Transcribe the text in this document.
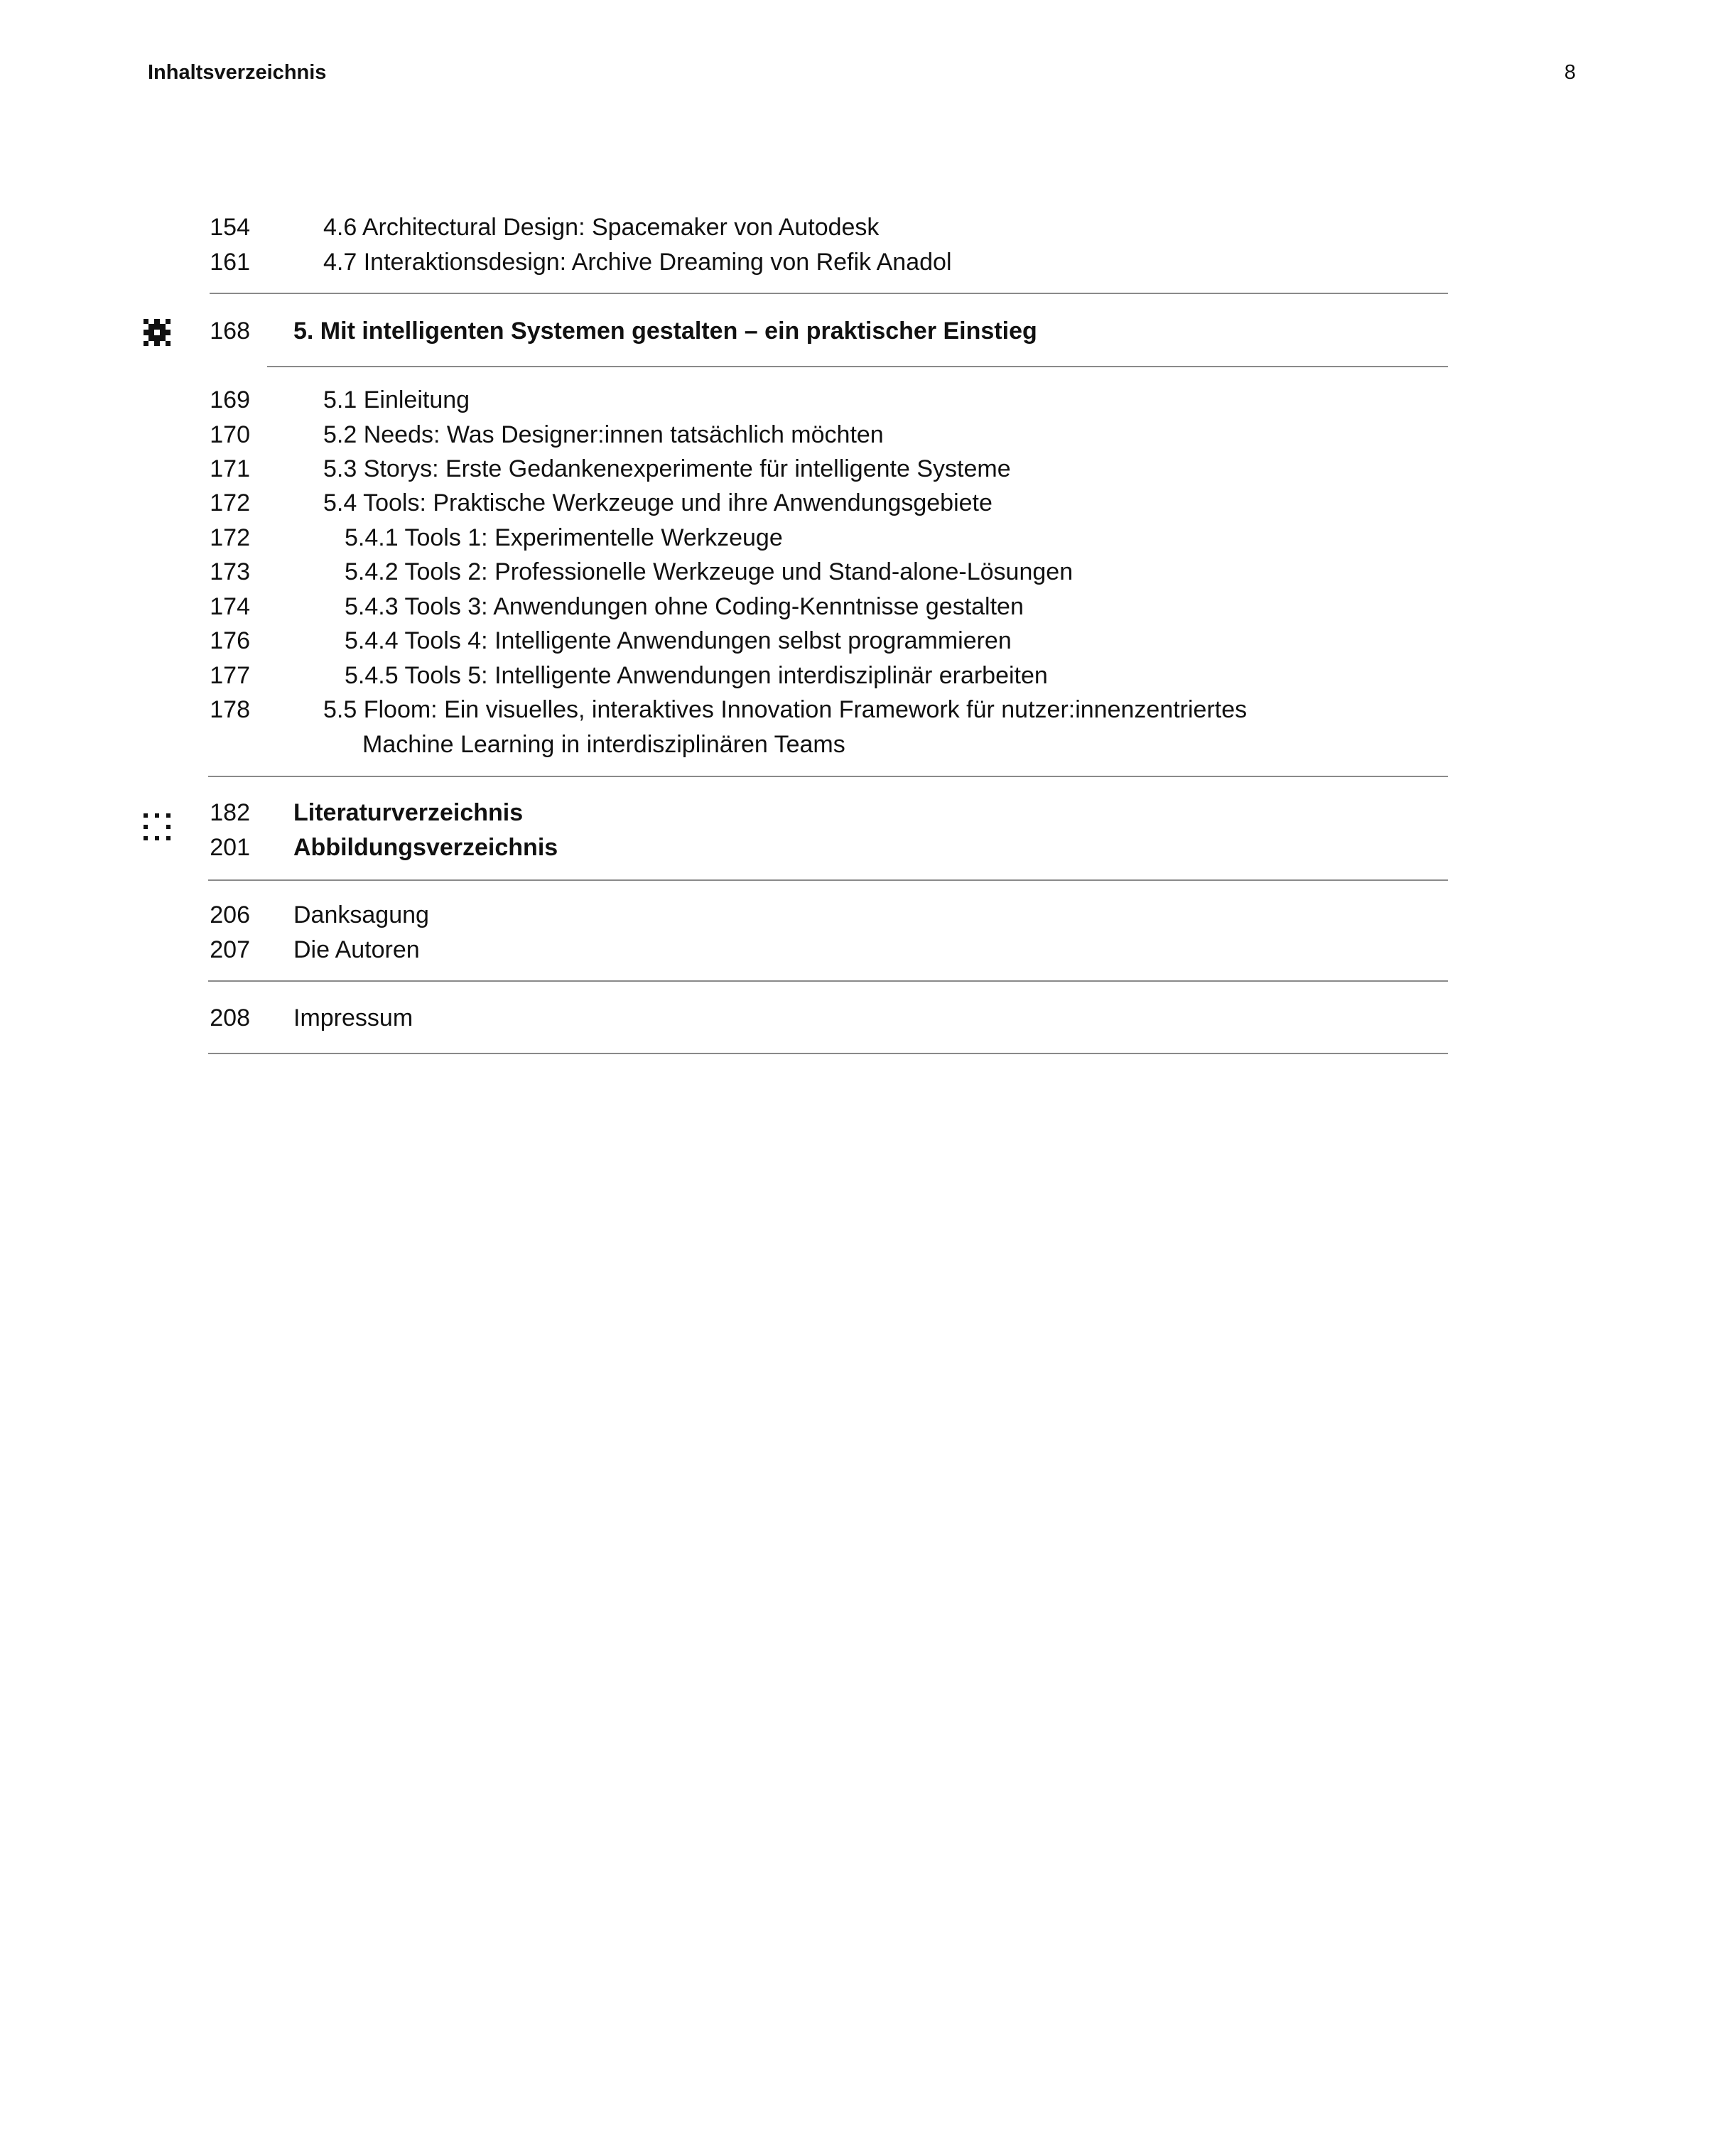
Inhaltsverzeichnis	8
154	4.6 Architectural Design: Spacemaker von Autodesk
161	4.7 Interaktionsdesign: Archive Dreaming von Refik Anadol
168 5. Mit intelligenten Systemen gestalten – ein praktischer Einstieg
169	5.1 Einleitung
170	5.2 Needs: Was Designer:innen tatsächlich möchten
171	5.3 Storys: Erste Gedankenexperimente für intelligente Systeme
172	5.4 Tools: Praktische Werkzeuge und ihre Anwendungsgebiete
172	5.4.1 Tools 1: Experimentelle Werkzeuge
173	5.4.2 Tools 2: Professionelle Werkzeuge und Stand-alone-Lösungen
174	5.4.3 Tools 3: Anwendungen ohne Coding-Kenntnisse gestalten
176	5.4.4 Tools 4: Intelligente Anwendungen selbst programmieren
177	5.4.5 Tools 5: Intelligente Anwendungen interdisziplinär erarbeiten
178	5.5 Floom: Ein visuelles, interaktives Innovation Framework für nutzer:innenzentriertes
Machine Learning in interdisziplinären Teams
182 Literaturverzeichnis
201 Abbildungsverzeichnis
206 Danksagung
207 Die Autoren
208 Impressum
